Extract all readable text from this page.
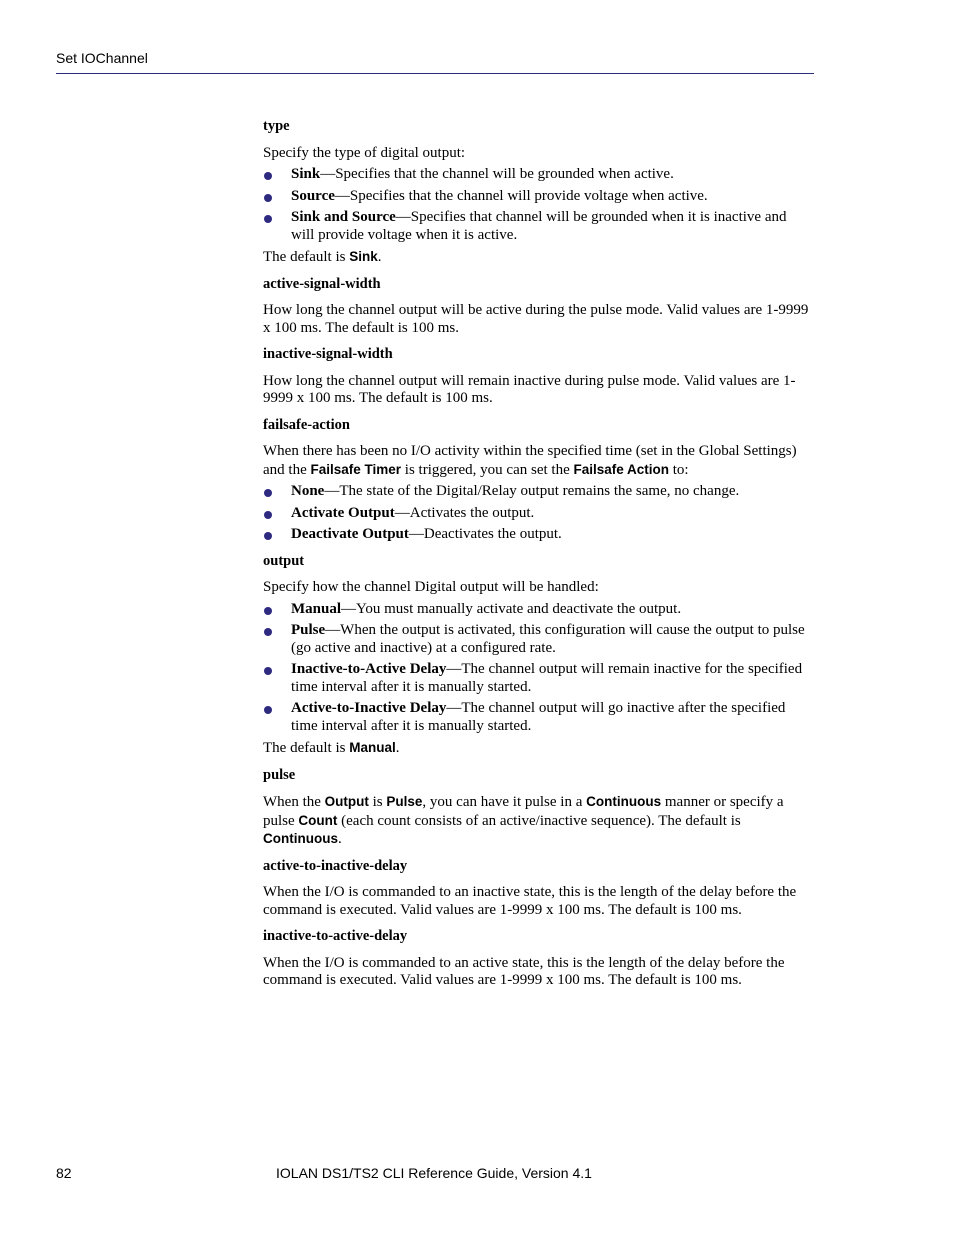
Set IOChannel
type
Specify the type of digital output:
Sink—Specifies that the channel will be grounded when active.
Source—Specifies that the channel will provide voltage when active.
Sink and Source—Specifies that channel will be grounded when it is inactive and will provide voltage when it is active.
The default is Sink.
active-signal-width
How long the channel output will be active during the pulse mode. Valid values are 1-9999 x 100 ms. The default is 100 ms.
inactive-signal-width
How long the channel output will remain inactive during pulse mode. Valid values are 1-9999 x 100 ms. The default is 100 ms.
failsafe-action
When there has been no I/O activity within the specified time (set in the Global Settings) and the Failsafe Timer is triggered, you can set the Failsafe Action to:
None—The state of the Digital/Relay output remains the same, no change.
Activate Output—Activates the output.
Deactivate Output—Deactivates the output.
output
Specify how the channel Digital output will be handled:
Manual—You must manually activate and deactivate the output.
Pulse—When the output is activated, this configuration will cause the output to pulse (go active and inactive) at a configured rate.
Inactive-to-Active Delay—The channel output will remain inactive for the specified time interval after it is manually started.
Active-to-Inactive Delay—The channel output will go inactive after the specified time interval after it is manually started.
The default is Manual.
pulse
When the Output is Pulse, you can have it pulse in a Continuous manner or specify a pulse Count (each count consists of an active/inactive sequence). The default is Continuous.
active-to-inactive-delay
When the I/O is commanded to an inactive state, this is the length of the delay before the command is executed. Valid values are 1-9999 x 100 ms. The default is 100 ms.
inactive-to-active-delay
When the I/O is commanded to an active state, this is the length of the delay before the command is executed. Valid values are 1-9999 x 100 ms. The default is 100 ms.
82	IOLAN DS1/TS2 CLI Reference Guide, Version 4.1
